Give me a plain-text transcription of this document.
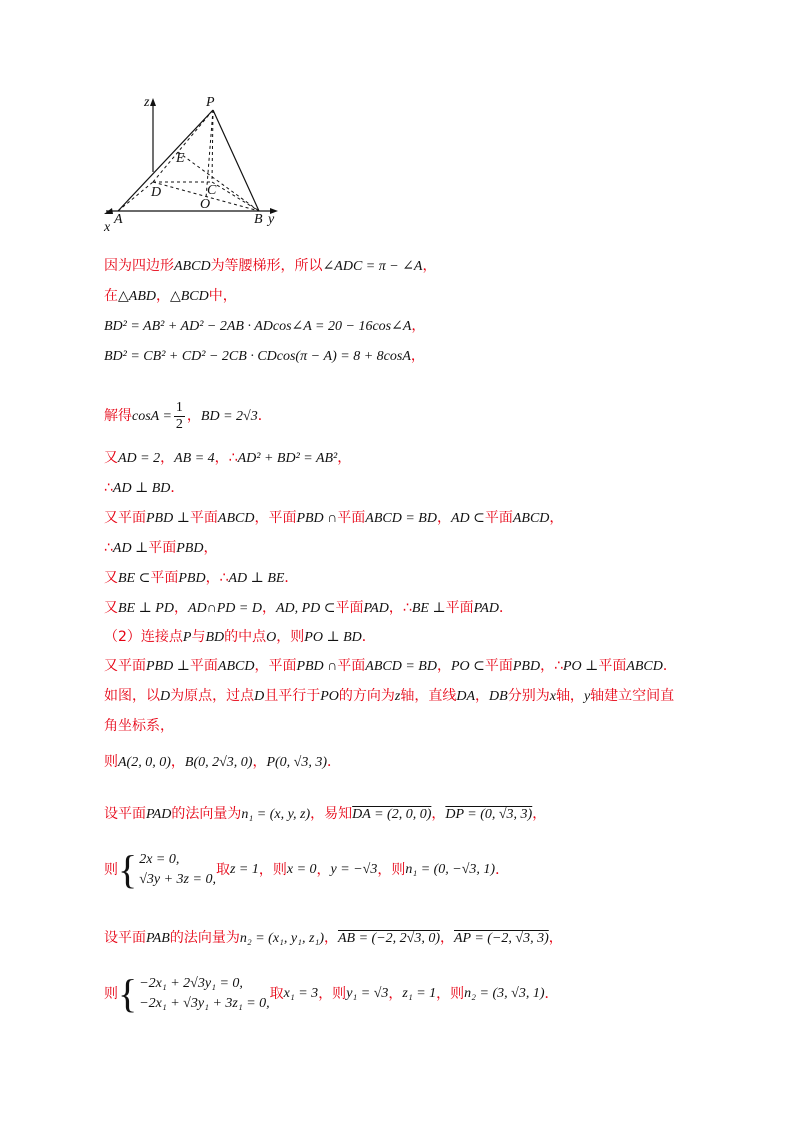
z	P
E
D	C
O
A	B
x
y
因为四边形ABCD为等腰梯形，所以∠ADC = π − ∠A，
在△ABD，△BCD中，
BD² = AB² + AD² − 2AB · ADcos∠A = 20 − 16cos∠A，
BD² = CB² + CD² − 2CB · CDcos(π − A) = 8 + 8cosA，
解得$\cos A = \frac{1}{2}$ ，BD = 2√3．
又AD = 2，AB = 4，∴AD² + BD² = AB²，
∴AD ⊥ BD．
又平面PBD ⊥平面ABCD，平面PBD ∩平面ABCD = BD，AD ⊂平面ABCD，
∴AD ⊥平面PBD，
又BE ⊂平面PBD，∴AD ⊥ BE．
又BE ⊥ PD，AD∩PD = D，AD, PD ⊂平面PAD，∴BE ⊥平面PAD．
（2）连接点P与BD的中点O，则PO ⊥ BD．
又平面PBD ⊥平面ABCD，平面PBD ∩平面ABCD = BD，PO ⊂平面PBD，∴PO ⊥平面ABCD．
如图，以D为原点，过点D且平行于PO的方向为z轴，直线DA，DB分别为x轴，y轴建立空间直
角坐标系，
则A(2, 0, 0)，B(0, 2√3, 0)，P(0, √3, 3)．
设平面PAD的法向量为n₁ = (x, y, z)，易知DA = (2, 0, 0)，DP = (0, √3, 3)，
则{ 2x = 0,
√3y + 3z = 0,
取z = 1，则x = 0，y = −√3，则n₁ = (0, −√3, 1)．
设平面PAB的法向量为n₂ = (x₁, y₁, z₁)，AB = (−2, 2√3, 0)，AP = (−2, √3, 3)，
则{ −2x₁ + 2√3y₁ = 0,
−2x₁ + √3y₁ + 3z₁ = 0,
取x₁ = 3，则y₁ = √3，z₁ = 1，则n₂ = (3, √3, 1)．
